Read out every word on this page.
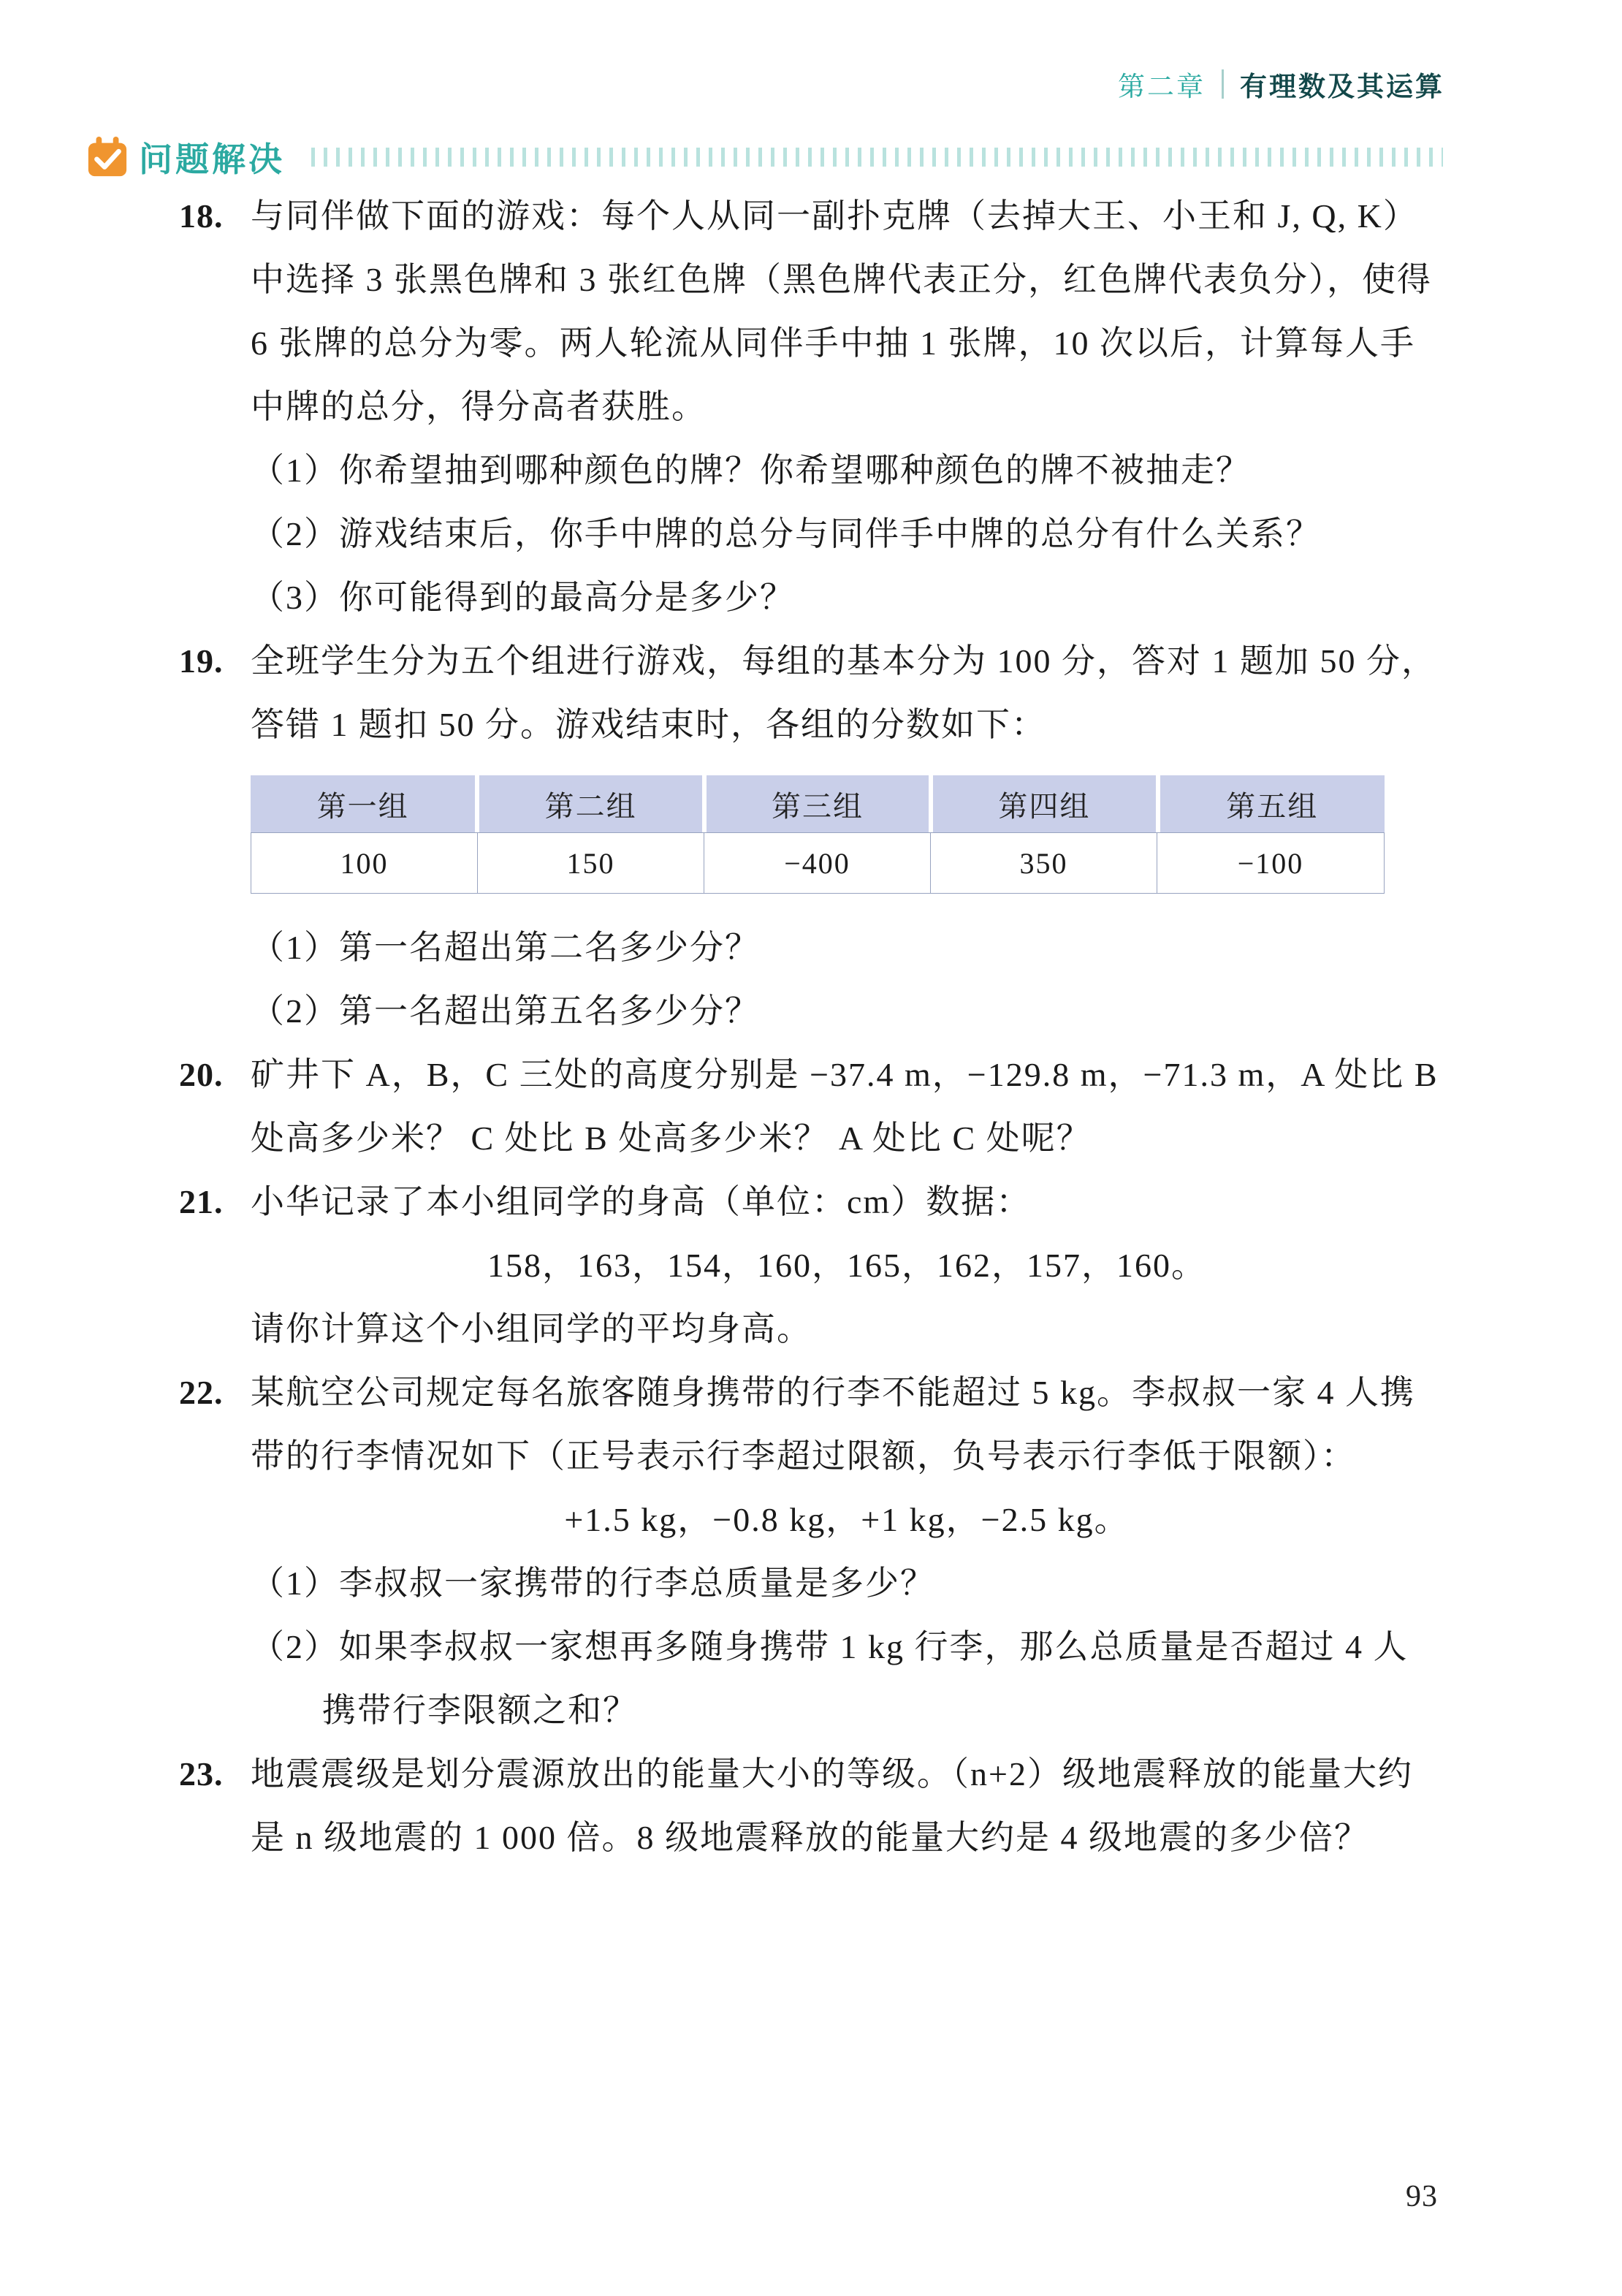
第二章 有理数及其运算
问题解决
18. 与同伴做下面的游戏：每个人从同一副扑克牌（去掉大王、小王和 J, Q, K）中选择 3 张黑色牌和 3 张红色牌（黑色牌代表正分，红色牌代表负分），使得 6 张牌的总分为零。两人轮流从同伴手中抽 1 张牌，10 次以后，计算每人手中牌的总分，得分高者获胜。

（1）你希望抽到哪种颜色的牌？你希望哪种颜色的牌不被抽走？

（2）游戏结束后，你手中牌的总分与同伴手中牌的总分有什么关系？

（3）你可能得到的最高分是多少？

19. 全班学生分为五个组进行游戏，每组的基本分为 100 分，答对 1 题加 50 分，答错 1 题扣 50 分。游戏结束时，各组的分数如下：

第一组	第二组	第三组	第四组	第五组
100	150	−400	350	−100

（1）第一名超出第二名多少分？

（2）第一名超出第五名多少分？

20. 矿井下 A，B，C 三处的高度分别是 −37.4 m，−129.8 m，−71.3 m，A 处比 B 处高多少米？ C 处比 B 处高多少米？ A 处比 C 处呢？

21. 小华记录了本小组同学的身高（单位：cm）数据：

158，163，154，160，165，162，157，160。

请你计算这个小组同学的平均身高。

22. 某航空公司规定每名旅客随身携带的行李不能超过 5 kg。李叔叔一家 4 人携带的行李情况如下（正号表示行李超过限额，负号表示行李低于限额）：

+1.5 kg，−0.8 kg，+1 kg，−2.5 kg。

（1）李叔叔一家携带的行李总质量是多少？

（2）如果李叔叔一家想再多随身携带 1 kg 行李，那么总质量是否超过 4 人携带行李限额之和？

23. 地震震级是划分震源放出的能量大小的等级。（n+2）级地震释放的能量大约是 n 级地震的 1 000 倍。8 级地震释放的能量大约是 4 级地震的多少倍？

93
